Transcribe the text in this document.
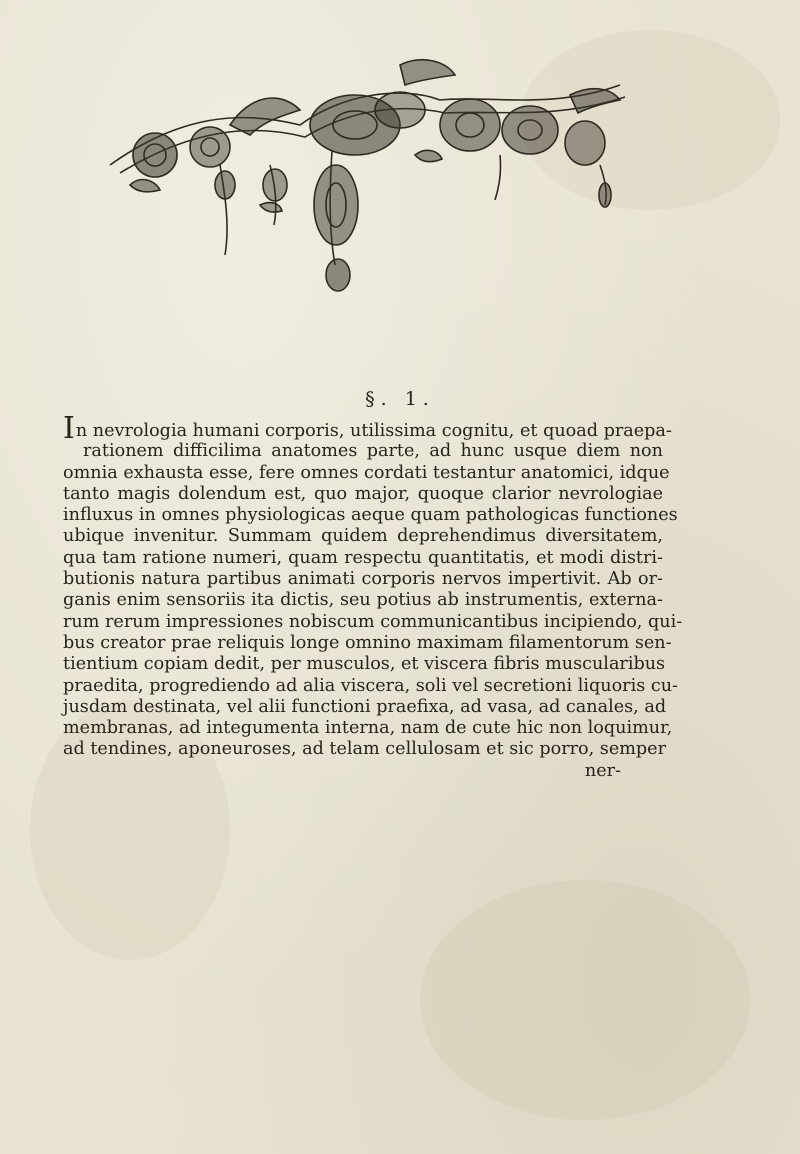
§. 1.
In nevrologia humani corporis, utilissima cognitu, et quoad praepa-
rationem difficilima anatomes parte, ad hunc usque diem non
omnia exhausta esse, fere omnes cordati testantur anatomici, idque
tanto magis dolendum est, quo major, quoque clarior nevrologiae
influxus in omnes physiologicas aeque quam pathologicas functiones
ubique invenitur. Summam quidem deprehendimus diversitatem,
qua tam ratione numeri, quam respectu quantitatis, et modi distri-
butionis natura partibus animati corporis nervos impertivit. Ab or-
ganis enim sensoriis ita dictis, seu potius ab instrumentis, externa-
rum rerum impressiones nobiscum communicantibus incipiendo, qui-
bus creator prae reliquis longe omnino maximam filamentorum sen-
tientium copiam dedit, per musculos, et viscera fibris muscularibus
praedita, progrediendo ad alia viscera, soli vel secretioni liquoris cu-
jusdam destinata, vel alii functioni praefixa, ad vasa, ad canales, ad
membranas, ad integumenta interna, nam de cute hic non loquimur,
ad tendines, aponeuroses, ad telam cellulosam et sic porro, semper
ner-
